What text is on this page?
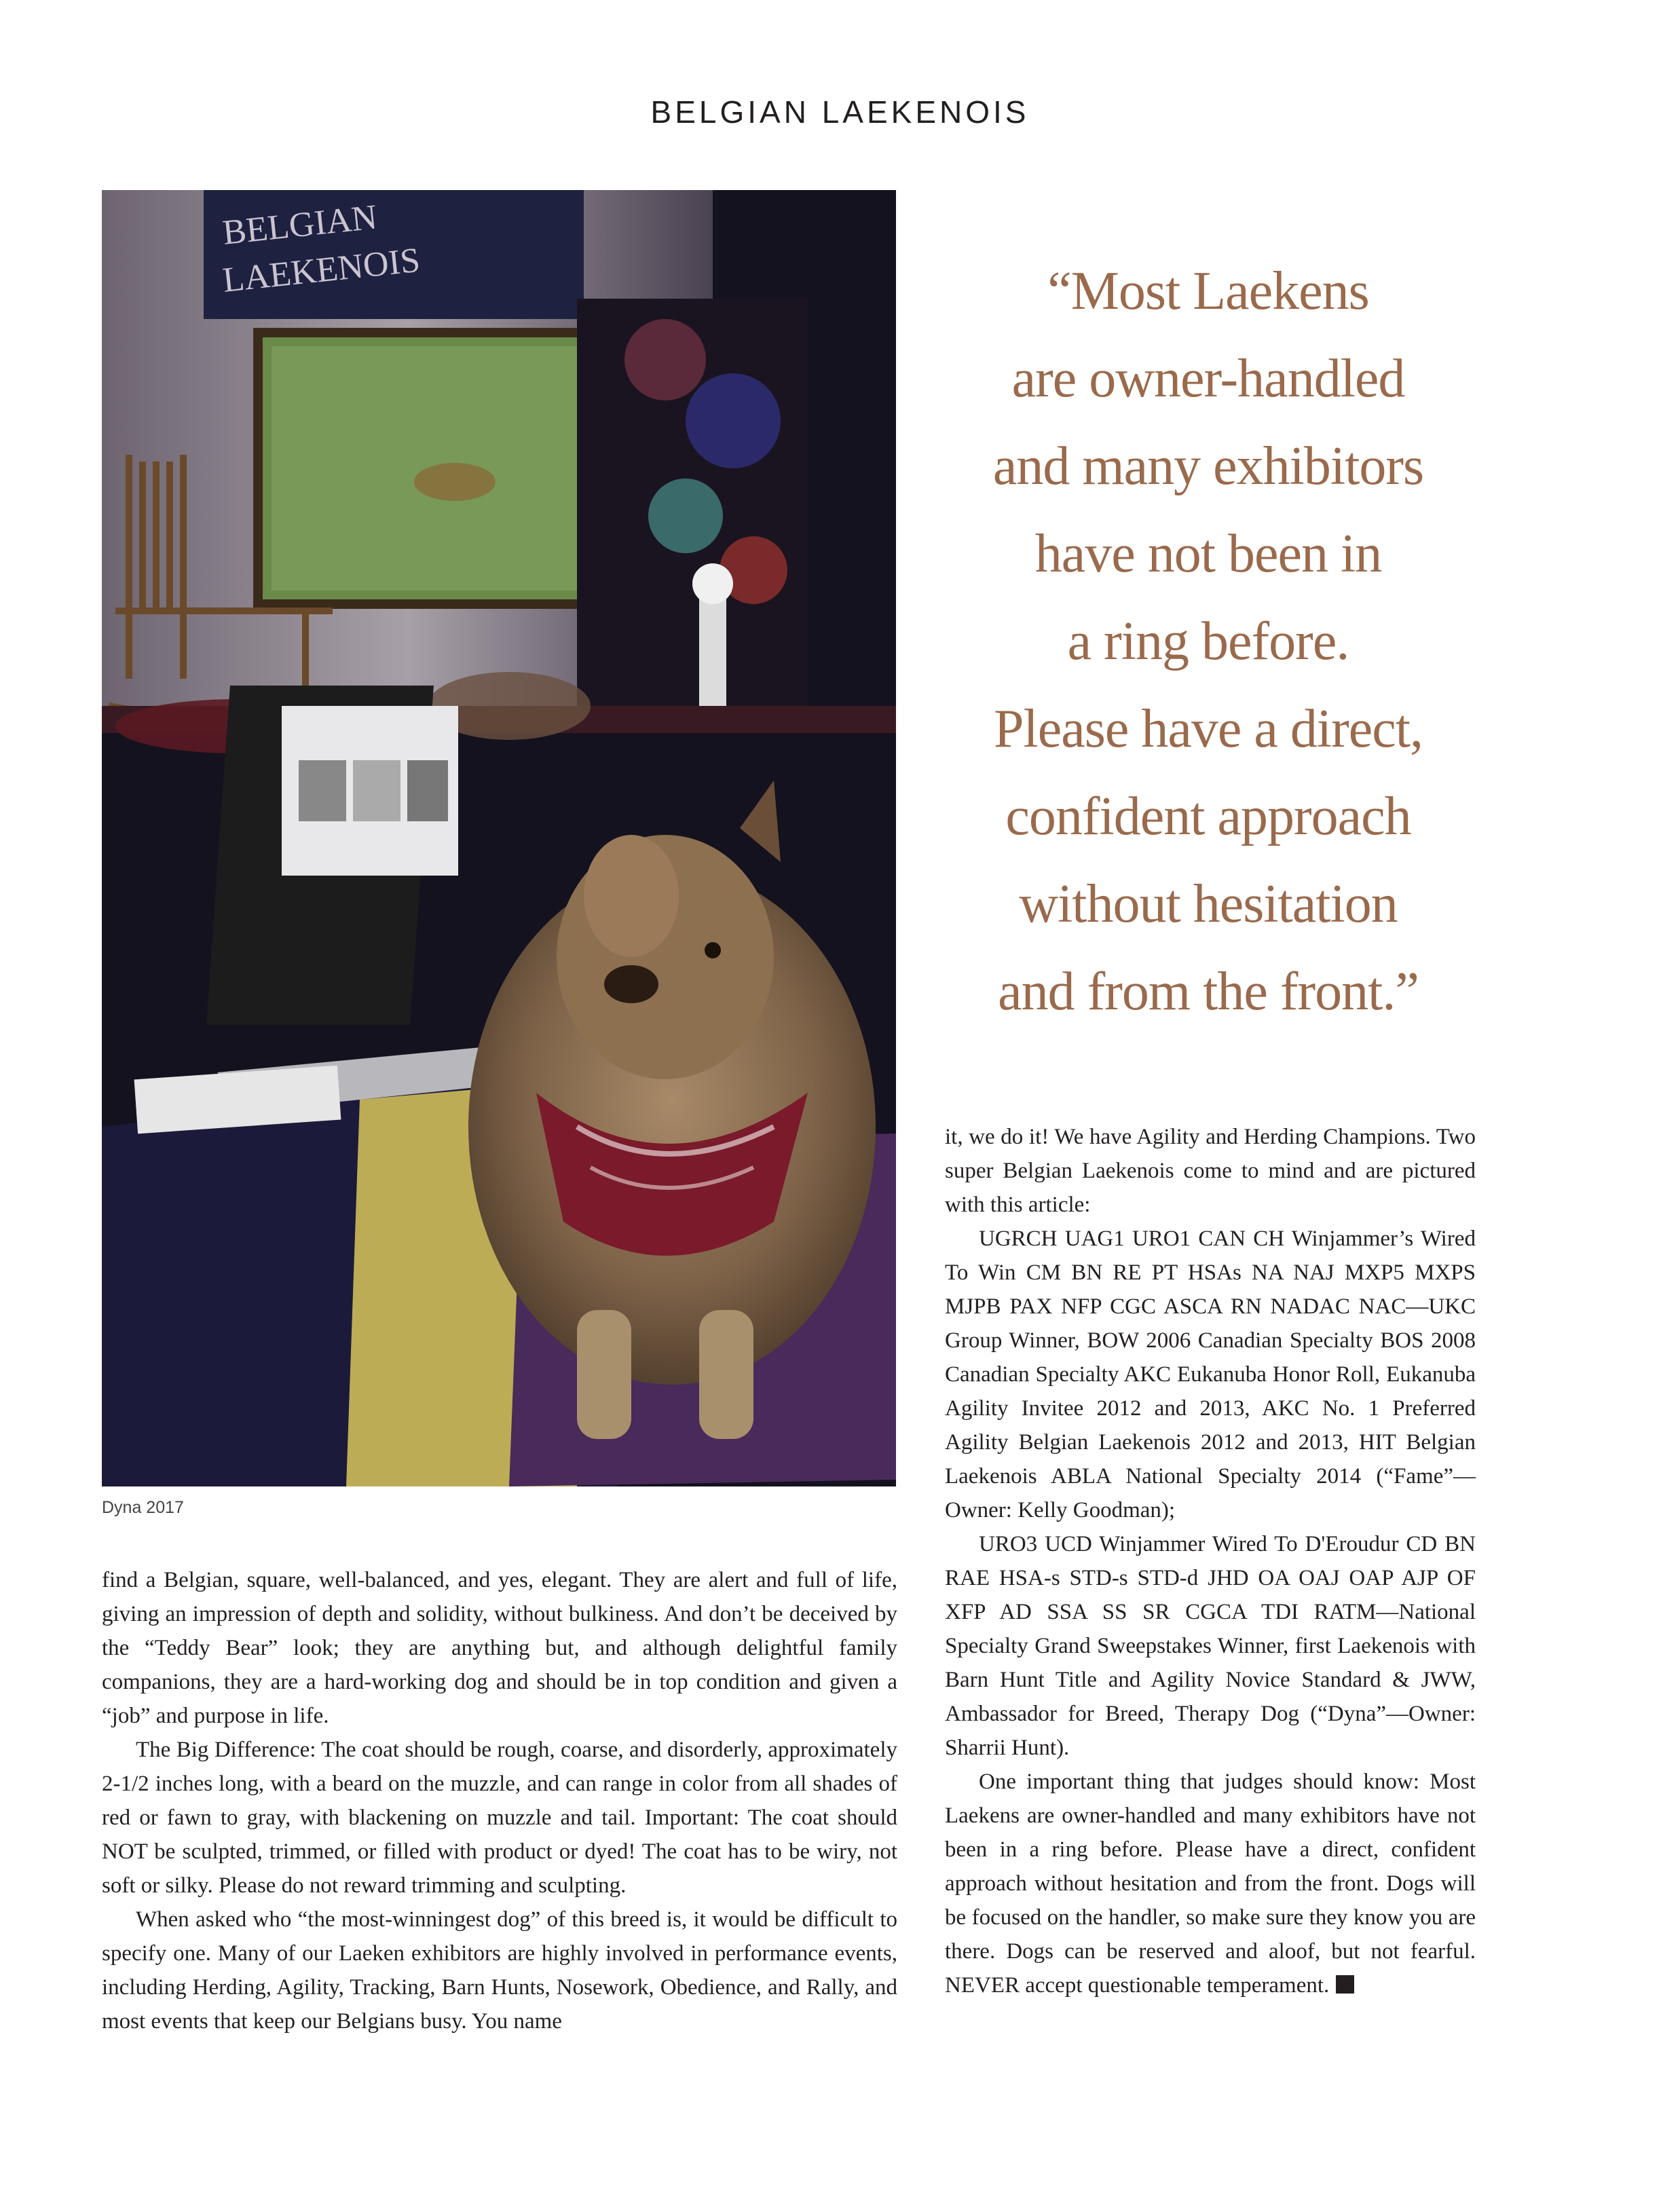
BELGIAN LAEKENOIS
BELGIAN
LAEKENOIS
Dyna 2017
“Most Laekens
are owner-handled
and many exhibitors
have not been in
a ring before.
Please have a direct,
confident approach
without hesitation
and from the front.”

find a Belgian, square, well-balanced, and yes, elegant. They are alert and full of life, giving an impression of depth and solidity, without bulkiness. And don’t be deceived by the “Teddy Bear” look; they are anything but, and although delightful family companions, they are a hard-working dog and should be in top condition and given a “job” and purpose in life.

The Big Difference: The coat should be rough, coarse, and disorderly, approximately 2-1/2 inches long, with a beard on the muzzle, and can range in color from all shades of red or fawn to gray, with blackening on muzzle and tail. Important: The coat should NOT be sculpted, trimmed, or filled with product or dyed! The coat has to be wiry, not soft or silky. Please do not reward trimming and sculpting.

When asked who “the most-winningest dog” of this breed is, it would be difficult to specify one. Many of our Laeken exhibitors are highly involved in performance events, including Herding, Agility, Tracking, Barn Hunts, Nosework, Obedience, and Rally, and most events that keep our Belgians busy. You name

it, we do it! We have Agility and Herding Champions. Two super Belgian Laekenois come to mind and are pictured with this article:

UGRCH UAG1 URO1 CAN CH Winjammer’s Wired To Win CM BN RE PT HSAs NA NAJ MXP5 MXPS MJPB PAX NFP CGC ASCA RN NADAC NAC—UKC Group Winner, BOW 2006 Canadian Specialty BOS 2008 Canadian Specialty AKC Eukanuba Honor Roll, Eukanuba Agility Invitee 2012 and 2013, AKC No. 1 Preferred Agility Belgian Laekenois 2012 and 2013, HIT Belgian Laekenois ABLA National Specialty 2014 (“Fame”—Owner: Kelly Goodman);

URO3 UCD Winjammer Wired To D'Eroudur CD BN RAE HSA-s STD-s STD-d JHD OA OAJ OAP AJP OF XFP AD SSA SS SR CGCA TDI RATM—National Specialty Grand Sweepstakes Winner, first Laekenois with Barn Hunt Title and Agility Novice Standard & JWW, Ambassador for Breed, Therapy Dog (“Dyna”—Owner: Sharrii Hunt).

One important thing that judges should know: Most Laekens are owner-handled and many exhibitors have not been in a ring before. Please have a direct, confident approach without hesitation and from the front. Dogs will be focused on the handler, so make sure they know you are there. Dogs can be reserved and aloof, but not fearful. NEVER accept questionable temperament.
